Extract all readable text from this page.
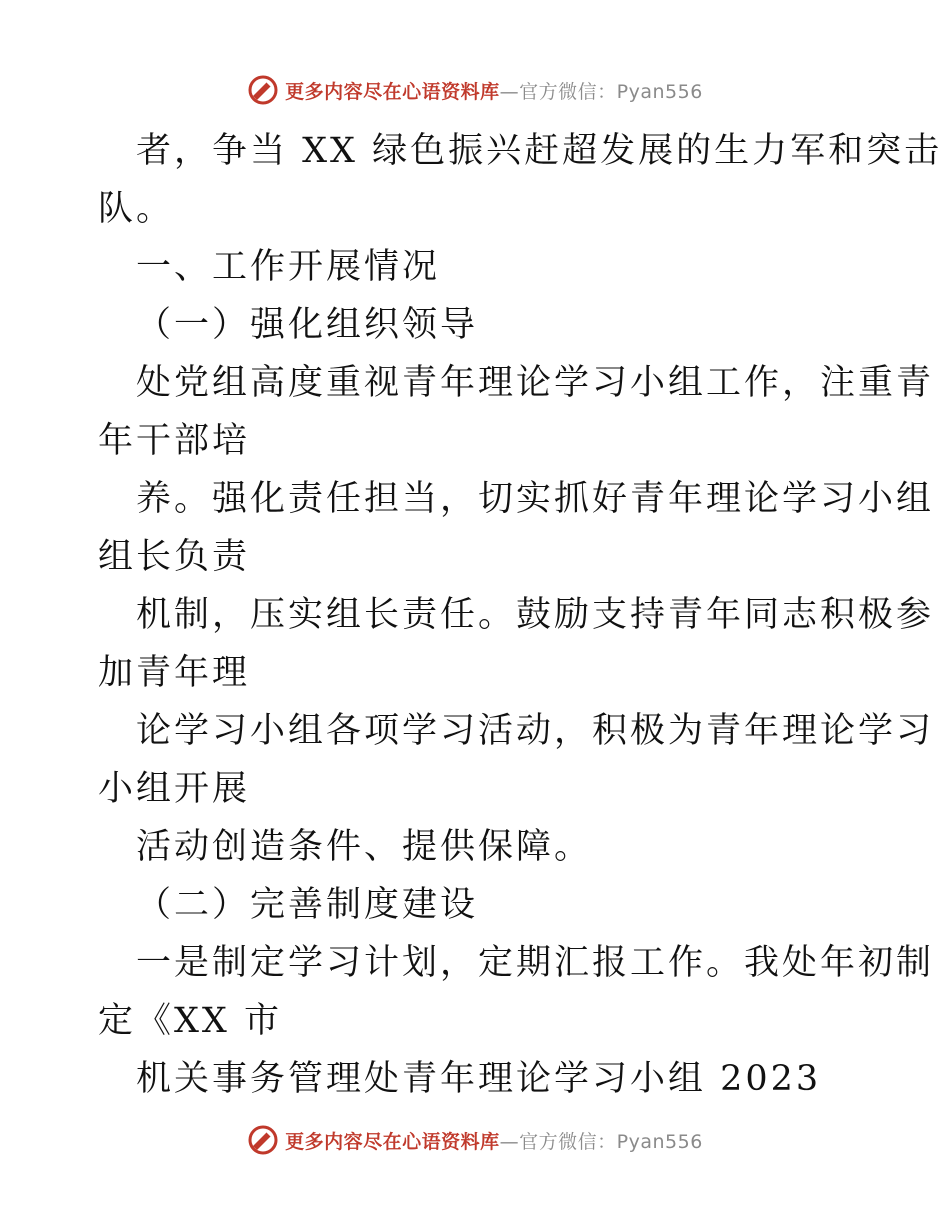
更多内容尽在心语资料库—官方微信：Pyan556
者，争当 XX 绿色振兴赶超发展的生力军和突击
队。
一、工作开展情况
（一）强化组织领导
处党组高度重视青年理论学习小组工作，注重青
年干部培
养。强化责任担当，切实抓好青年理论学习小组
组长负责
机制，压实组长责任。鼓励支持青年同志积极参
加青年理
论学习小组各项学习活动，积极为青年理论学习
小组开展
活动创造条件、提供保障。
（二）完善制度建设
一是制定学习计划，定期汇报工作。我处年初制
定《XX 市
机关事务管理处青年理论学习小组 2023
更多内容尽在心语资料库—官方微信：Pyan556
